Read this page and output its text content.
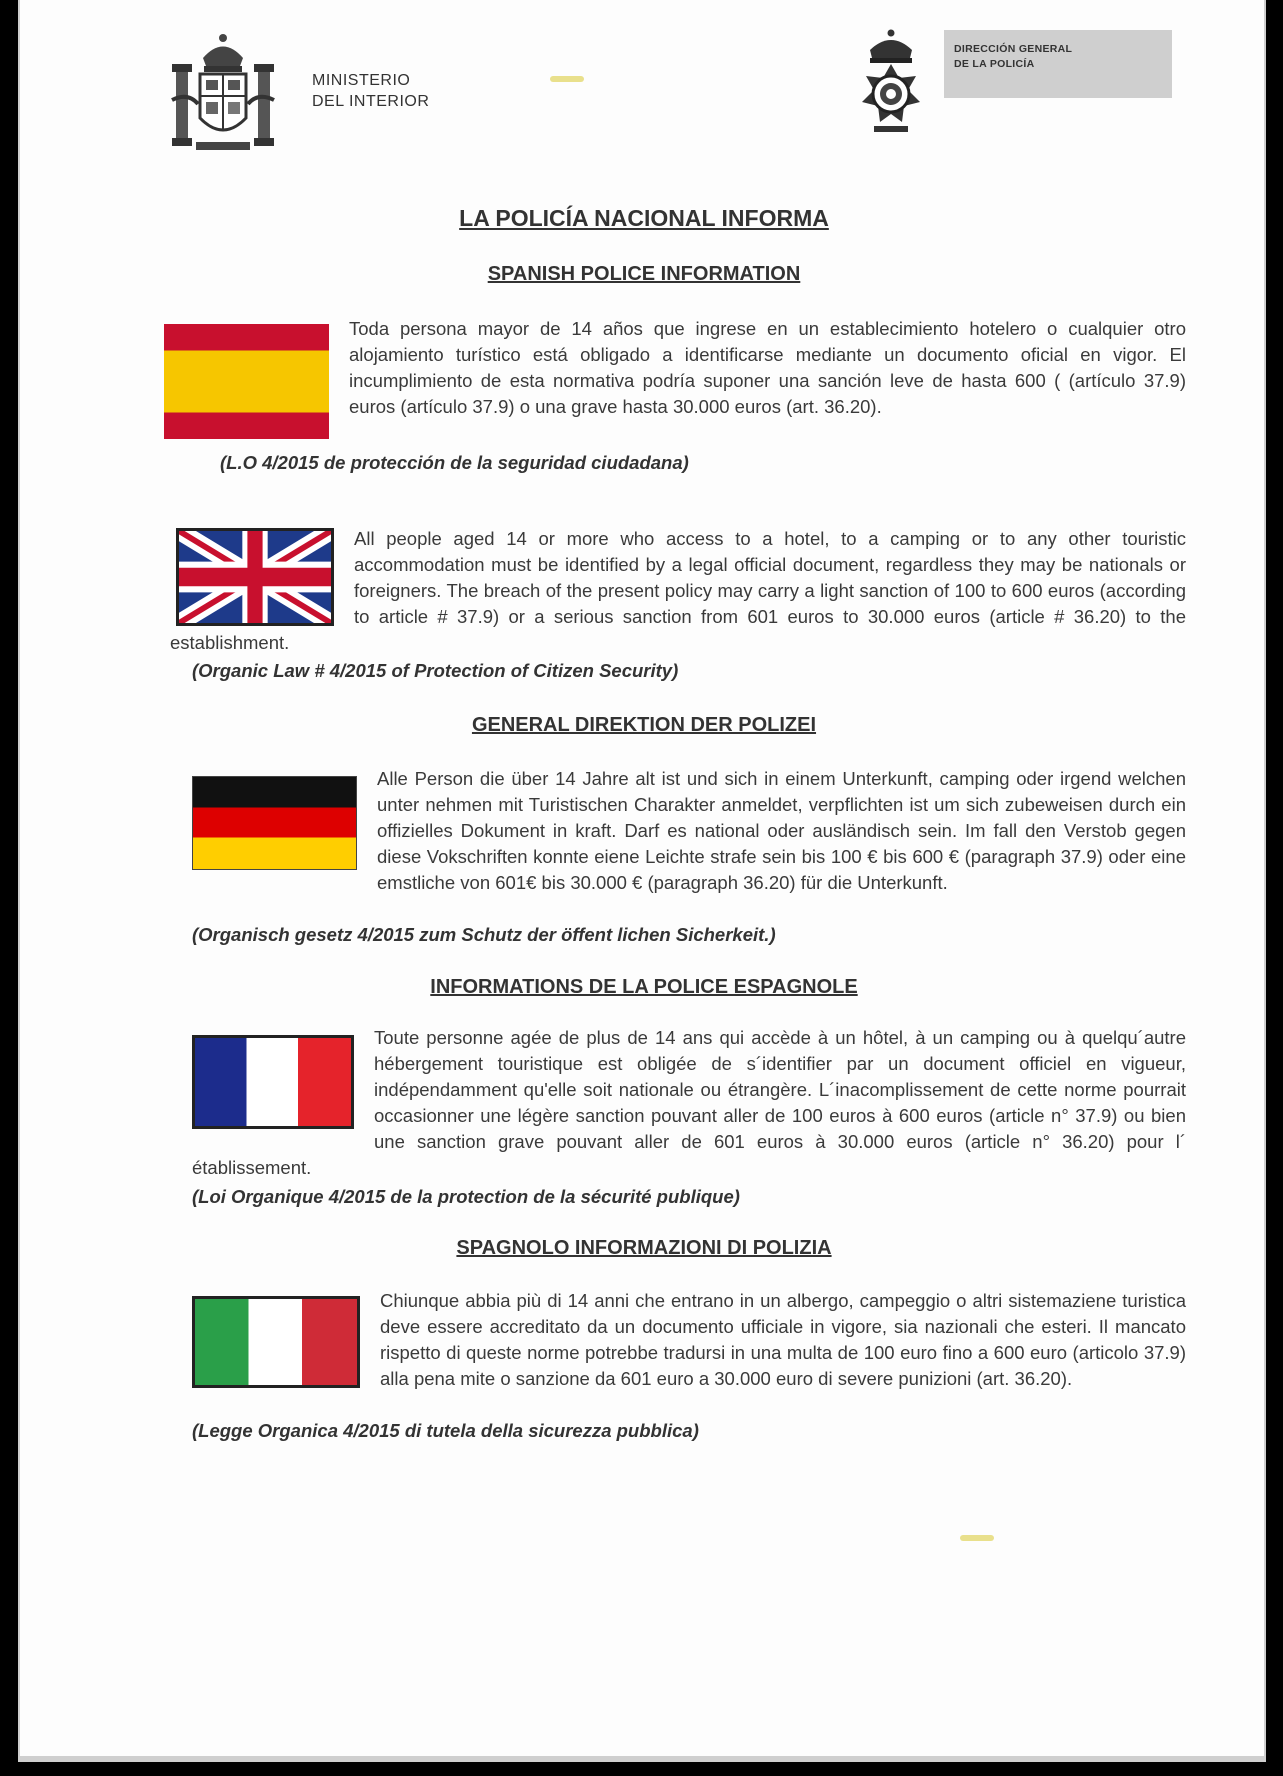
MINISTERIO
DEL INTERIOR
DIRECCIÓN GENERAL
DE LA POLICÍA
LA POLICÍA NACIONAL INFORMA
SPANISH POLICE INFORMATION
Toda persona mayor de 14 años que ingrese en un establecimiento hotelero o cualquier otro alojamiento turístico está obligado a identificarse mediante un documento oficial en vigor. El incumplimiento de esta normativa podría suponer una sanción leve de hasta 600 ( (artículo 37.9) euros (artículo 37.9) o una grave hasta 30.000 euros (art. 36.20).
(L.O 4/2015 de protección de la seguridad ciudadana)
All people aged 14 or more who access to a hotel, to a camping or to any other touristic accommodation must be identified by a legal official document, regardless they may be nationals or foreigners. The breach of the present policy may carry a light sanction of 100 to 600 euros (according to article # 37.9) or a serious sanction from 601 euros to 30.000 euros (article # 36.20) to the establishment.
(Organic Law # 4/2015 of Protection of Citizen Security)
GENERAL DIREKTION DER POLIZEI
Alle Person die über 14 Jahre alt ist und sich in einem Unterkunft, camping oder irgend welchen unter nehmen mit Turistischen Charakter anmeldet, verpflichten ist um sich zubeweisen durch ein offizielles Dokument in kraft. Darf es national oder ausländisch sein. Im fall den Verstob gegen diese Vokschriften konnte eiene Leichte strafe sein bis 100 € bis 600 € (paragraph 37.9) oder eine emstliche von 601€ bis 30.000 € (paragraph 36.20) für die Unterkunft.
(Organisch gesetz 4/2015 zum Schutz der öffent lichen Sicherkeit.)
INFORMATIONS DE LA POLICE ESPAGNOLE
Toute personne agée de plus de 14 ans qui accède à un hôtel, à un camping ou à quelqu´autre hébergement touristique est obligée de s´identifier par un document officiel en vigueur, indépendamment qu'elle soit nationale ou étrangère. L´inacomplissement de cette norme pourrait occasionner une légère sanction pouvant aller de 100 euros à 600 euros (article n° 37.9) ou bien une sanction grave pouvant aller de 601 euros à 30.000 euros (article n° 36.20) pour l´ établissement.
(Loi Organique 4/2015 de la protection de la sécurité publique)
SPAGNOLO INFORMAZIONI DI POLIZIA
Chiunque abbia più di 14 anni che entrano in un albergo, campeggio o altri sistemaziene turistica deve essere accreditato da un documento ufficiale in vigore, sia nazionali che esteri. Il mancato rispetto di queste norme potrebbe tradursi in una multa de 100 euro fino a 600 euro (articolo 37.9) alla pena mite o sanzione da 601 euro a 30.000 euro di severe punizioni (art. 36.20).
(Legge Organica 4/2015 di tutela della sicurezza pubblica)
